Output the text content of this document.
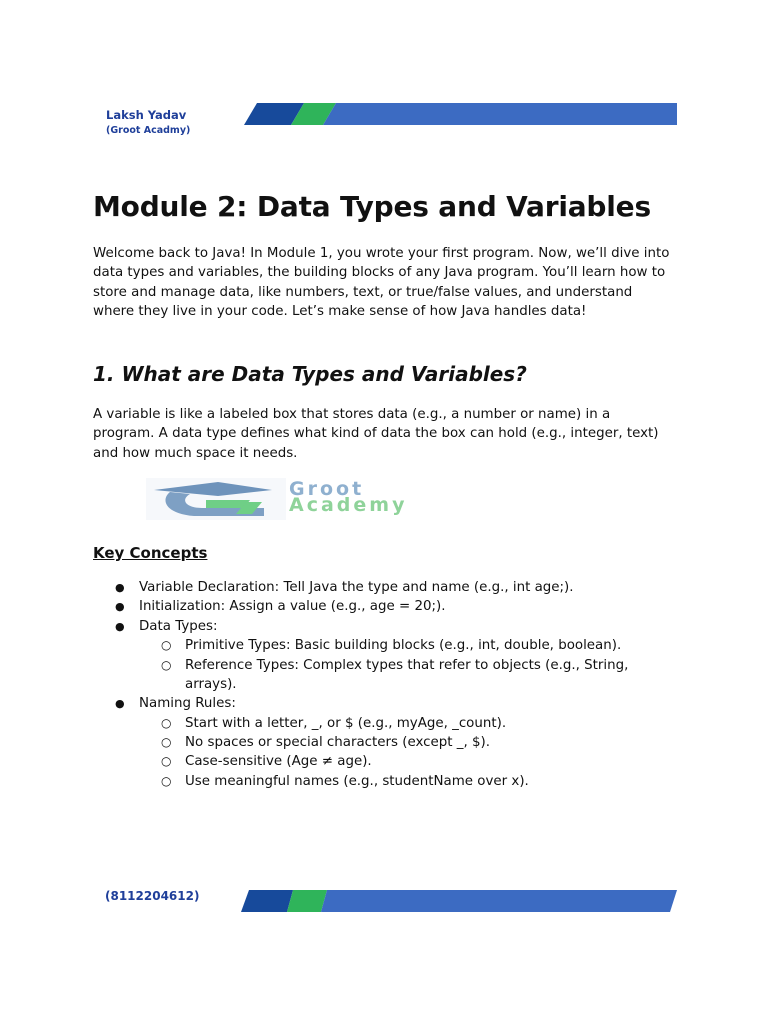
Laksh Yadav
(Groot Acadmy)
Module 2: Data Types and Variables

Welcome back to Java! In Module 1, you wrote your first program. Now, we’ll dive into data types and variables, the building blocks of any Java program. You’ll learn how to store and manage data, like numbers, text, or true/false values, and understand where they live in your code. Let’s make sense of how Java handles data!

1. What are Data Types and Variables?

A variable is like a labeled box that stores data (e.g., a number or name) in a program. A data type defines what kind of data the box can hold (e.g., integer, text) and how much space it needs.

Groot
Academy
Key Concepts
● Variable Declaration: Tell Java the type and name (e.g., int age;).
● Initialization: Assign a value (e.g., age = 20;).
● Data Types:
○ Primitive Types: Basic building blocks (e.g., int, double, boolean).
○ Reference Types: Complex types that refer to objects (e.g., String, arrays).
● Naming Rules:
○ Start with a letter, _, or $ (e.g., myAge, _count).
○ No spaces or special characters (except _, $).
○ Case-sensitive (Age ≠ age).
○ Use meaningful names (e.g., studentName over x).
(8112204612)
